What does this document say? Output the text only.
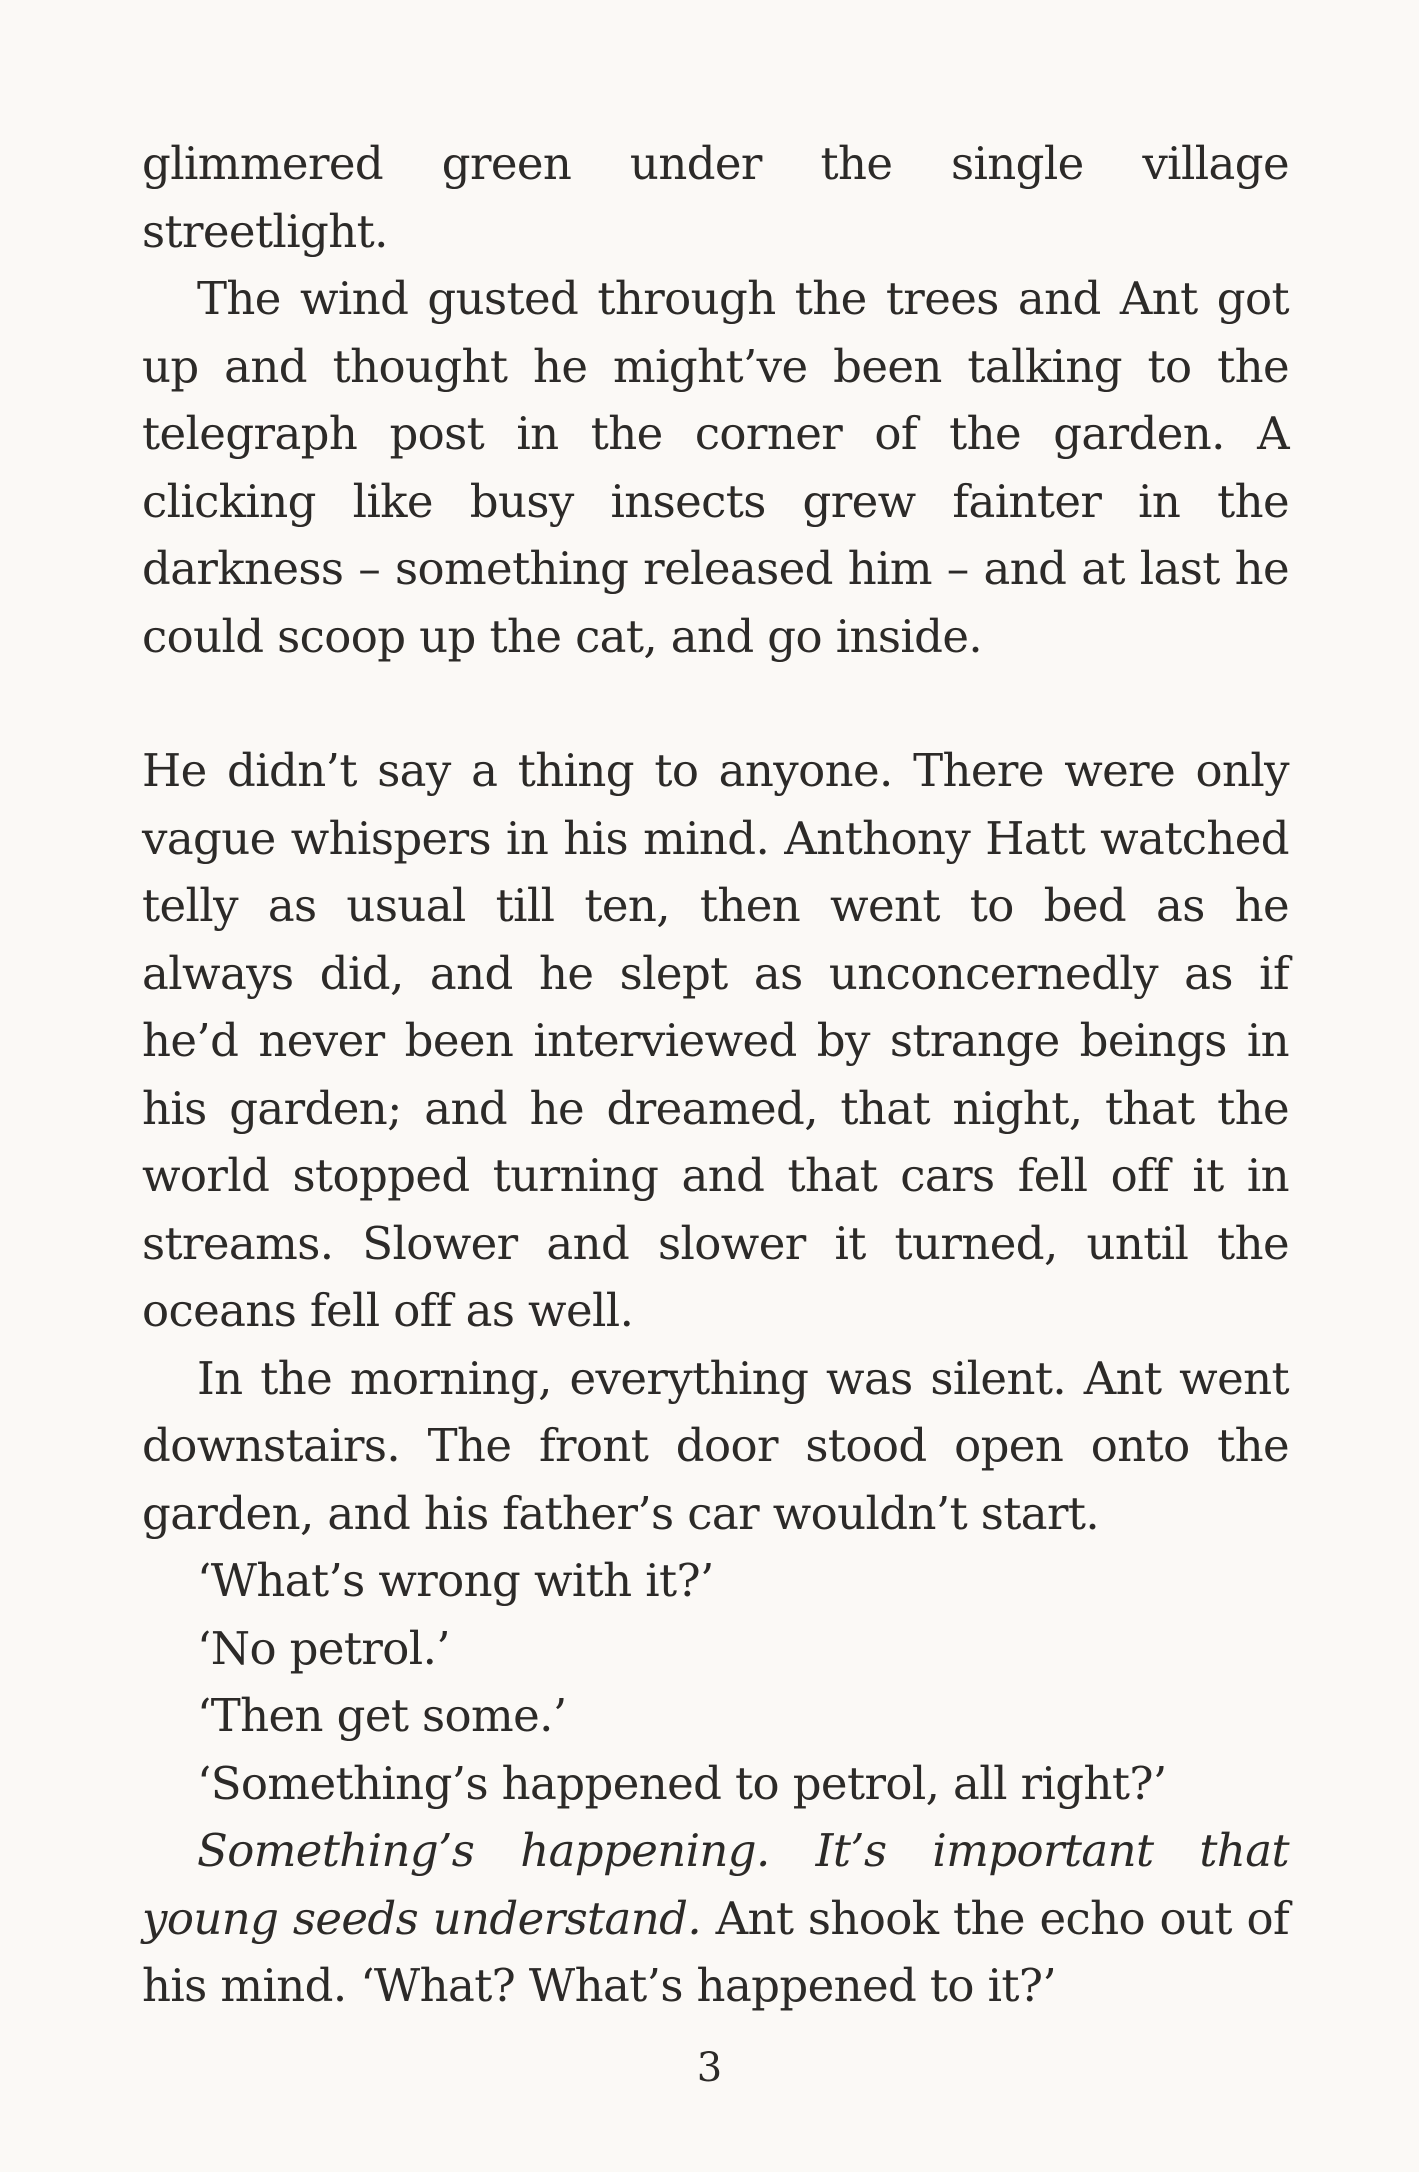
glimmered green under the single village streetlight.

The wind gusted through the trees and Ant got up and thought he might’ve been talking to the telegraph post in the corner of the garden. A clicking like busy insects grew fainter in the darkness – something released him – and at last he could scoop up the cat, and go inside.

He didn’t say a thing to anyone. There were only vague whispers in his mind. Anthony Hatt watched telly as usual till ten, then went to bed as he always did, and he slept as unconcernedly as if he’d never been interviewed by strange beings in his garden; and he dreamed, that night, that the world stopped turning and that cars fell off it in streams. Slower and slower it turned, until the oceans fell off as well.

In the morning, everything was silent. Ant went downstairs. The front door stood open onto the garden, and his father’s car wouldn’t start.

‘What’s wrong with it?’

‘No petrol.’

‘Then get some.’

‘Something’s happened to petrol, all right?’

Something’s happening. It’s important that young seeds understand. Ant shook the echo out of his mind. ‘What? What’s happened to it?’

3
